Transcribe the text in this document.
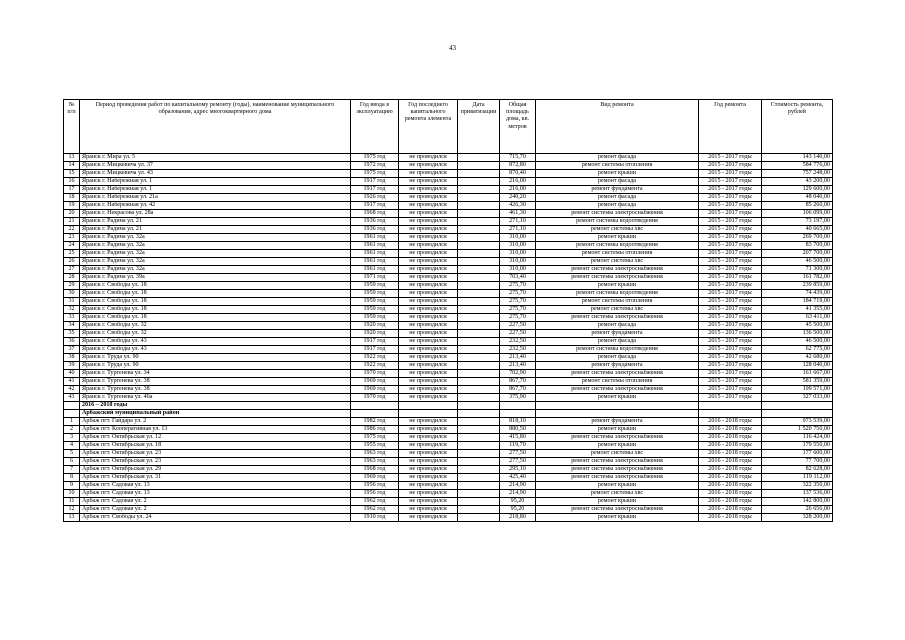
43
№ п/п	Период проведения работ по капитальному ремонту (годы), наименование муниципального образования, адрес многоквартирного дома	Год ввода в эксплуатацию	Год последнего капитального ремонта элемента	Дата приватизации	Общая площадь дома, кв. метров	Вид ремонта	Год ремонта	Стоимость ремонта, рублей
13	Яранск г. Мира ул. 5	1975 год	не проводился		715,70	ремонт фасада	2015 - 2017 годы	143 140,00
14	Яранск г. Мицкевича ул. 37	1972 год	не проводился		872,80	ремонт системы отопления	2015 - 2017 годы	584 776,00
15	Яранск г. Мицкевича ул. 43	1975 год	не проводился		870,40	ремонт крыши	2015 - 2017 годы	757 248,00
16	Яранск г. Набережная ул. 1	1917 год	не проводился		216,00	ремонт фасада	2015 - 2017 годы	43 200,00
17	Яранск г. Набережная ул. 1	1917 год	не проводился		216,00	ремонт фундамента	2015 - 2017 годы	129 600,00
18	Яранск г. Набережная ул. 21а	1926 год	не проводился		240,20	ремонт фасада	2015 - 2017 годы	48 040,00
19	Яранск г. Набережная ул. 42	1917 год	не проводился		426,30	ремонт фасада	2015 - 2017 годы	85 260,00
20	Яранск г. Некрасова ул. 28а	1968 год	не проводился		461,30	ремонт системы электроснабжения	2015 - 2017 годы	106 099,00
21	Яранск г. Радина ул. 21	1936 год	не проводился		271,10	ремонт системы водоотведения	2015 - 2017 годы	73 197,00
22	Яранск г. Радина ул. 21	1936 год	не проводился		271,10	ремонт системы хвс	2015 - 2017 годы	40 665,00
23	Яранск г. Радина ул. 32а	1961 год	не проводился		310,00	ремонт крыши	2015 - 2017 годы	269 700,00
24	Яранск г. Радина ул. 32а	1961 год	не проводился		310,00	ремонт системы водоотведения	2015 - 2017 годы	83 700,00
25	Яранск г. Радина ул. 32а	1961 год	не проводился		310,00	ремонт системы отопления	2015 - 2017 годы	207 700,00
26	Яранск г. Радина ул. 32а	1961 год	не проводился		310,00	ремонт системы хвс	2015 - 2017 годы	46 500,00
27	Яранск г. Радина ул. 32а	1961 год	не проводился		310,00	ремонт системы электроснабжения	2015 - 2017 годы	71 300,00
28	Яранск г. Радина ул. 39а	1971 год	не проводился		703,40	ремонт системы электроснабжения	2015 - 2017 годы	161 782,00
29	Яранск г. Свободы ул. 18	1959 год	не проводился		275,70	ремонт крыши	2015 - 2017 годы	239 859,00
30	Яранск г. Свободы ул. 18	1959 год	не проводился		275,70	ремонт системы водоотведения	2015 - 2017 годы	74 439,00
31	Яранск г. Свободы ул. 18	1959 год	не проводился		275,70	ремонт системы отопления	2015 - 2017 годы	184 719,00
32	Яранск г. Свободы ул. 18	1959 год	не проводился		275,70	ремонт системы хвс	2015 - 2017 годы	41 355,00
33	Яранск г. Свободы ул. 18	1959 год	не проводился		275,70	ремонт системы электроснабжения	2015 - 2017 годы	63 411,00
34	Яранск г. Свободы ул. 32	1920 год	не проводился		227,50	ремонт фасада	2015 - 2017 годы	45 500,00
35	Яранск г. Свободы ул. 32	1920 год	не проводился		227,50	ремонт фундамента	2015 - 2017 годы	136 500,00
36	Яранск г. Свободы ул. 43	1917 год	не проводился		232,50	ремонт фасада	2015 - 2017 годы	46 500,00
37	Яранск г. Свободы ул. 43	1917 год	не проводился		232,50	ремонт системы водоотведения	2015 - 2017 годы	62 775,00
38	Яранск г. Труда ул. 90	1922 год	не проводился		213,40	ремонт фасада	2015 - 2017 годы	42 680,00
39	Яранск г. Труда ул. 90	1922 год	не проводился		213,40	ремонт фундамента	2015 - 2017 годы	128 040,00
40	Яранск г. Тургенева ул. 34	1970 год	не проводился		702,90	ремонт системы электроснабжения	2015 - 2017 годы	161 667,00
41	Яранск г. Тургенева ул. 38	1969 год	не проводился		867,70	ремонт системы отопления	2015 - 2017 годы	581 359,00
42	Яранск г. Тургенева ул. 38	1969 год	не проводился		867,70	ремонт системы электроснабжения	2015 - 2017 годы	199 571,00
43	Яранск г. Тургенева ул. 46а	1970 год	не проводился		375,90	ремонт крыши	2015 - 2017 годы	327 033,00
	2016 – 2018 годы							
	Арбажский муниципальный район							
1	Арбаж пгт. Гайдара ул. 2	1982 год	не проводился		818,10	ремонт фундамента	2016 - 2018 годы	973 539,00
2	Арбаж пгт. Кооперативная ул. 13	1986 год	не проводился		880,50	ремонт крыши	2016 - 2018 годы	1 520 750,00
3	Арбаж пгт. Октябрьская ул. 12	1975 год	не проводился		415,80	ремонт системы электроснабжения	2016 - 2018 годы	116 424,00
4	Арбаж пгт. Октябрьская ул. 18	1955 год	не проводился		119,70	ремонт крыши	2016 - 2018 годы	179 550,00
5	Арбаж пгт. Октябрьская ул. 23	1963 год	не проводился		277,50	ремонт системы хвс	2016 - 2018 годы	177 600,00
6	Арбаж пгт. Октябрьская ул. 23	1963 год	не проводился		277,50	ремонт системы электроснабжения	2016 - 2018 годы	77 700,00
7	Арбаж пгт. Октябрьская ул. 29	1968 год	не проводился		295,10	ремонт системы электроснабжения	2016 - 2018 годы	82 628,00
8	Арбаж пгт. Октябрьская ул. 31	1969 год	не проводился		425,40	ремонт системы электроснабжения	2016 - 2018 годы	119 112,00
9	Арбаж пгт. Садовая ул. 13	1956 год	не проводился		214,90	ремонт крыши	2016 - 2018 годы	322 350,00
10	Арбаж пгт. Садовая ул. 13	1956 год	не проводился		214,90	ремонт системы хвс	2016 - 2018 годы	137 536,00
11	Арбаж пгт. Садовая ул. 2	1962 год	не проводился		95,20	ремонт крыши	2016 - 2018 годы	142 800,00
12	Арбаж пгт. Садовая ул. 2	1962 год	не проводился		95,20	ремонт системы электроснабжения	2016 - 2018 годы	26 656,00
13	Арбаж пгт. Свободы ул. 24	1910 год	не проводился		218,80	ремонт крыши	2016 - 2018 годы	328 200,00
